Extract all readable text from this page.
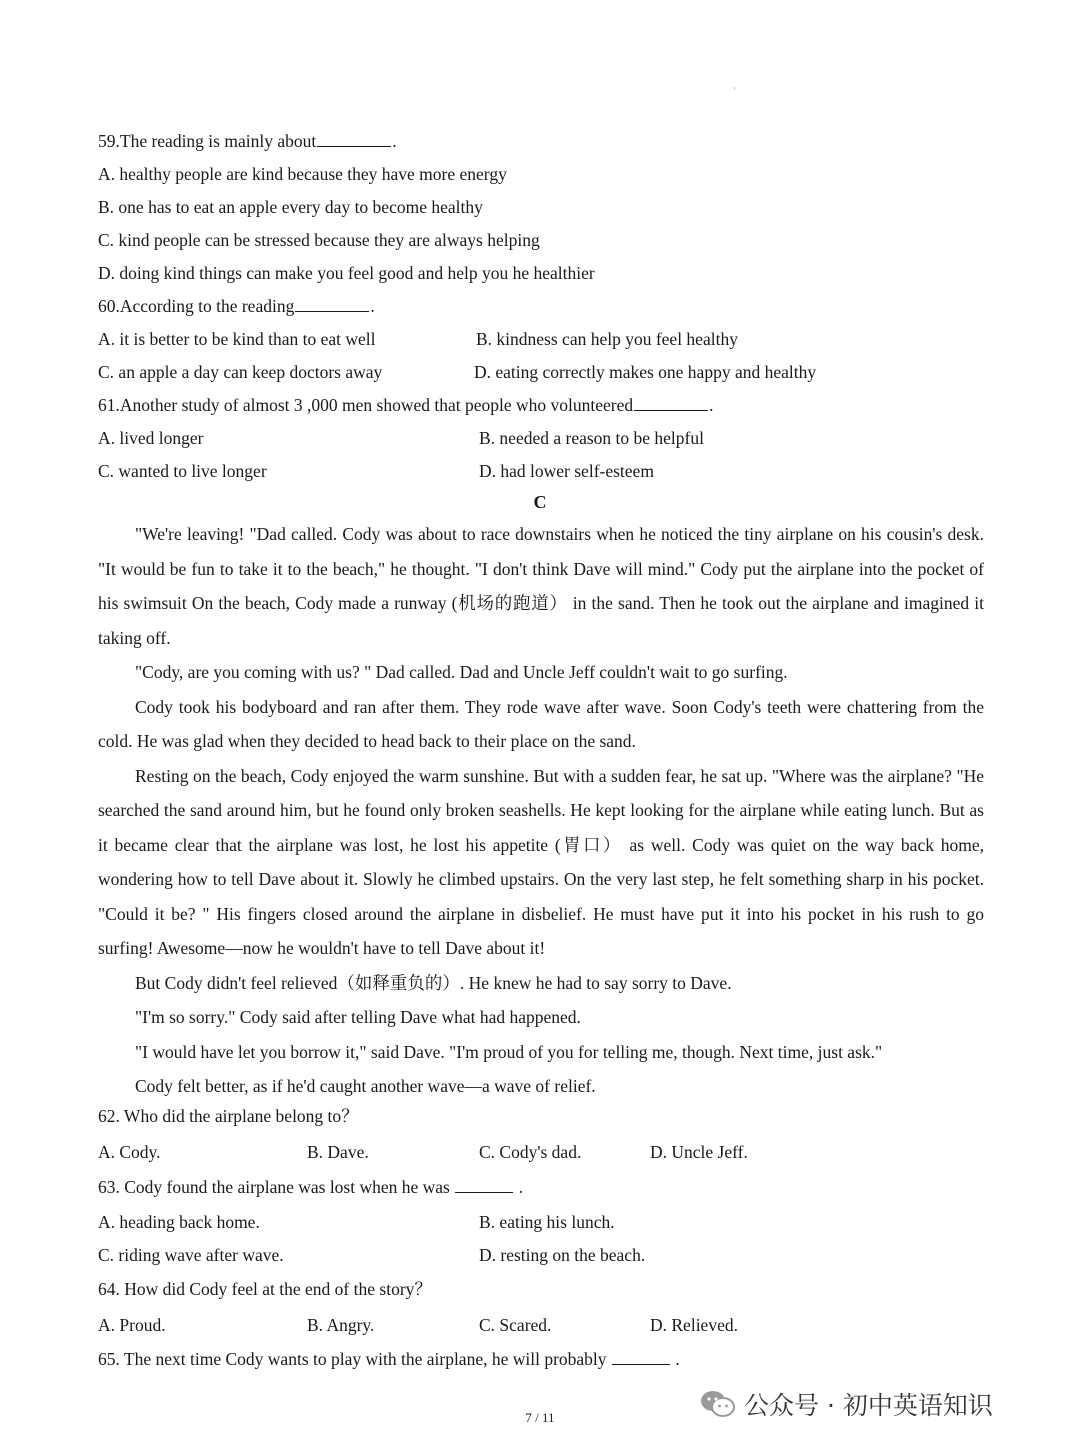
'
59.The reading is mainly about	.
A. healthy people are kind because they have more energy
B. one has to eat an apple every day to become healthy
C. kind people can be stressed because they are always helping
D. doing kind things can make you feel good and help you he healthier
60.According to the reading	.
A. it is better to be kind than to eat well	B. kindness can help you feel healthy
C. an apple a day can keep doctors away	D. eating correctly makes one happy and healthy
61.Another study of almost 3 ,000 men showed that people who volunteered	.
A. lived longer	B. needed a reason to be helpful
C. wanted to live longer	D. had lower self-esteem
C

"We're leaving! "Dad called. Cody was about to race downstairs when he noticed the tiny airplane on his cousin's desk. "It would be fun to take it to the beach," he thought. "I don't think Dave will mind." Cody put the airplane into the pocket of his swimsuit On the beach, Cody made a runway (机场的跑道） in the sand. Then he took out the airplane and imagined it taking off.

"Cody, are you coming with us? " Dad called. Dad and Uncle Jeff couldn't wait to go surfing.

Cody took his bodyboard and ran after them. They rode wave after wave. Soon Cody's teeth were chattering from the cold. He was glad when they decided to head back to their place on the sand.

Resting on the beach, Cody enjoyed the warm sunshine. But with a sudden fear, he sat up. "Where was the airplane? "He searched the sand around him, but he found only broken seashells. He kept looking for the airplane while eating lunch. But as it became clear that the airplane was lost, he lost his appetite (胃口） as well. Cody was quiet on the way back home, wondering how to tell Dave about it. Slowly he climbed upstairs. On the very last step, he felt something sharp in his pocket. "Could it be? " His fingers closed around the airplane in disbelief. He must have put it into his pocket in his rush to go surfing! Awesome—now he wouldn't have to tell Dave about it!

But Cody didn't feel relieved（如释重负的）. He knew he had to say sorry to Dave.

"I'm so sorry." Cody said after telling Dave what had happened.

"I would have let you borrow it," said Dave. "I'm proud of you for telling me, though. Next time, just ask."

Cody felt better, as if he'd caught another wave—a wave of relief.

62. Who did the airplane belong to？
A. Cody.	B. Dave.	C. Cody's dad.	D. Uncle Jeff.
63. Cody found the airplane was lost when he was	.
A. heading back home.	B. eating his lunch.
C. riding wave after wave.	D. resting on the beach.
64. How did Cody feel at the end of the story？
A. Proud.	B. Angry.	C. Scared.	D. Relieved.
65. The next time Cody wants to play with the airplane, he will probably	.
7 / 11	公众号 · 初中英语知识
